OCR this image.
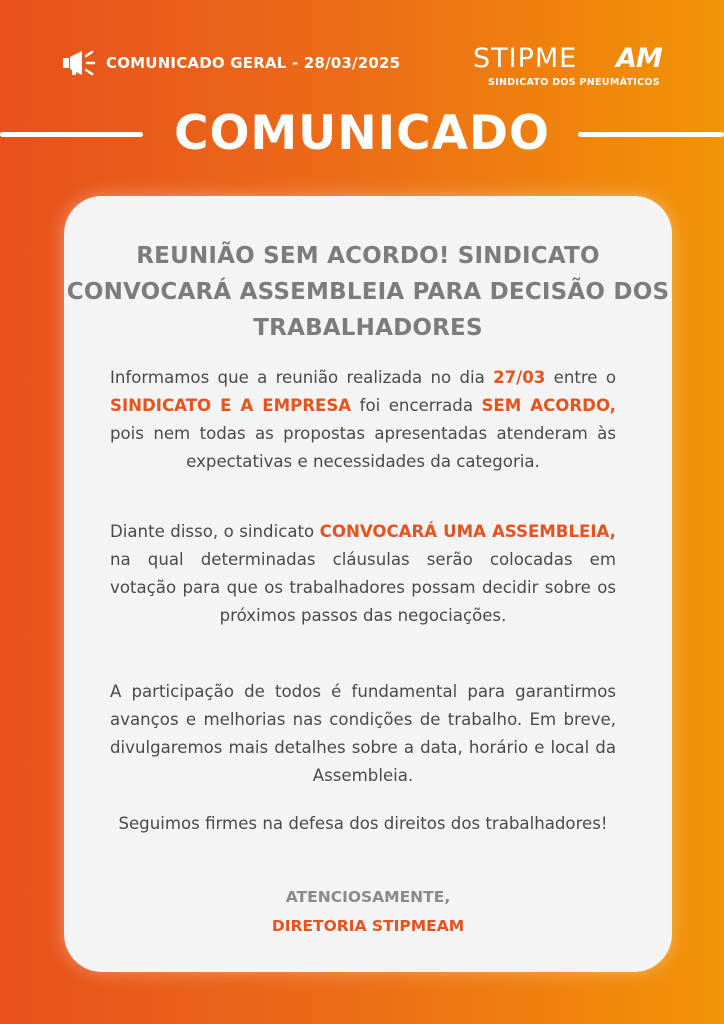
COMUNICADO GERAL - 28/03/2025	STIPME AM
SINDICATO DOS PNEUMÁTICOS
COMUNICADO
REUNIÃO SEM ACORDO! SINDICATO CONVOCARÁ ASSEMBLEIA PARA DECISÃO DOS TRABALHADORES
Informamos que a reunião realizada no dia 27/03 entre o SINDICATO E A EMPRESA foi encerrada SEM ACORDO, pois nem todas as propostas apresentadas atenderam às expectativas e necessidades da categoria.
Diante disso, o sindicato CONVOCARÁ UMA ASSEMBLEIA, na qual determinadas cláusulas serão colocadas em votação para que os trabalhadores possam decidir sobre os próximos passos das negociações.
A participação de todos é fundamental para garantirmos avanços e melhorias nas condições de trabalho. Em breve, divulgaremos mais detalhes sobre a data, horário e local da Assembleia.
Seguimos firmes na defesa dos direitos dos trabalhadores!
ATENCIOSAMENTE,
DIRETORIA STIPMEAM
